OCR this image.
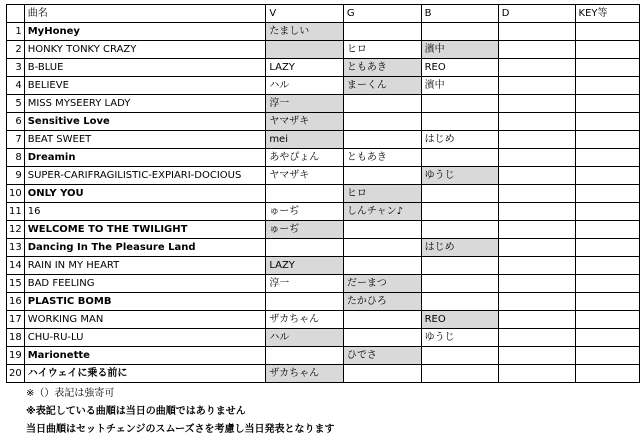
	曲名	V	G	B	D	KEY等
1	MyHoney	たましい				
2	HONKY TONKY CRAZY		ヒロ	濱中		
3	B-BLUE	LAZY	ともあき	REO		
4	BELIEVE	ハル	まーくん	濱中		
5	MISS MYSEERY LADY	淳一				
6	Sensitive Love	ヤマザキ				
7	BEAT SWEET	mei		はじめ		
8	Dreamin	あやぴょん	ともあき			
9	SUPER-CARIFRAGILISTIC-EXPIARI-DOCIOUS	ヤマザキ		ゆうじ		
10	ONLY YOU		ヒロ			
11	16	ゅーぢ	しんチャン♪			
12	WELCOME TO THE TWILIGHT	ゅーぢ				
13	Dancing In The Pleasure Land			はじめ		
14	RAIN IN MY HEART	LAZY				
15	BAD FEELING	淳一	だーまつ			
16	PLASTIC BOMB		たかひろ			
17	WORKING MAN	ザカちゃん		REO		
18	CHU-RU-LU	ハル		ゆうじ		
19	Marionette		ひでさ			
20	ハイウェイに乗る前に	ザカちゃん				
※（）表記は強寄可
※表記している曲順は当日の曲順ではありません
当日曲順はセットチェンジのスムーズさを考慮し当日発表となります
